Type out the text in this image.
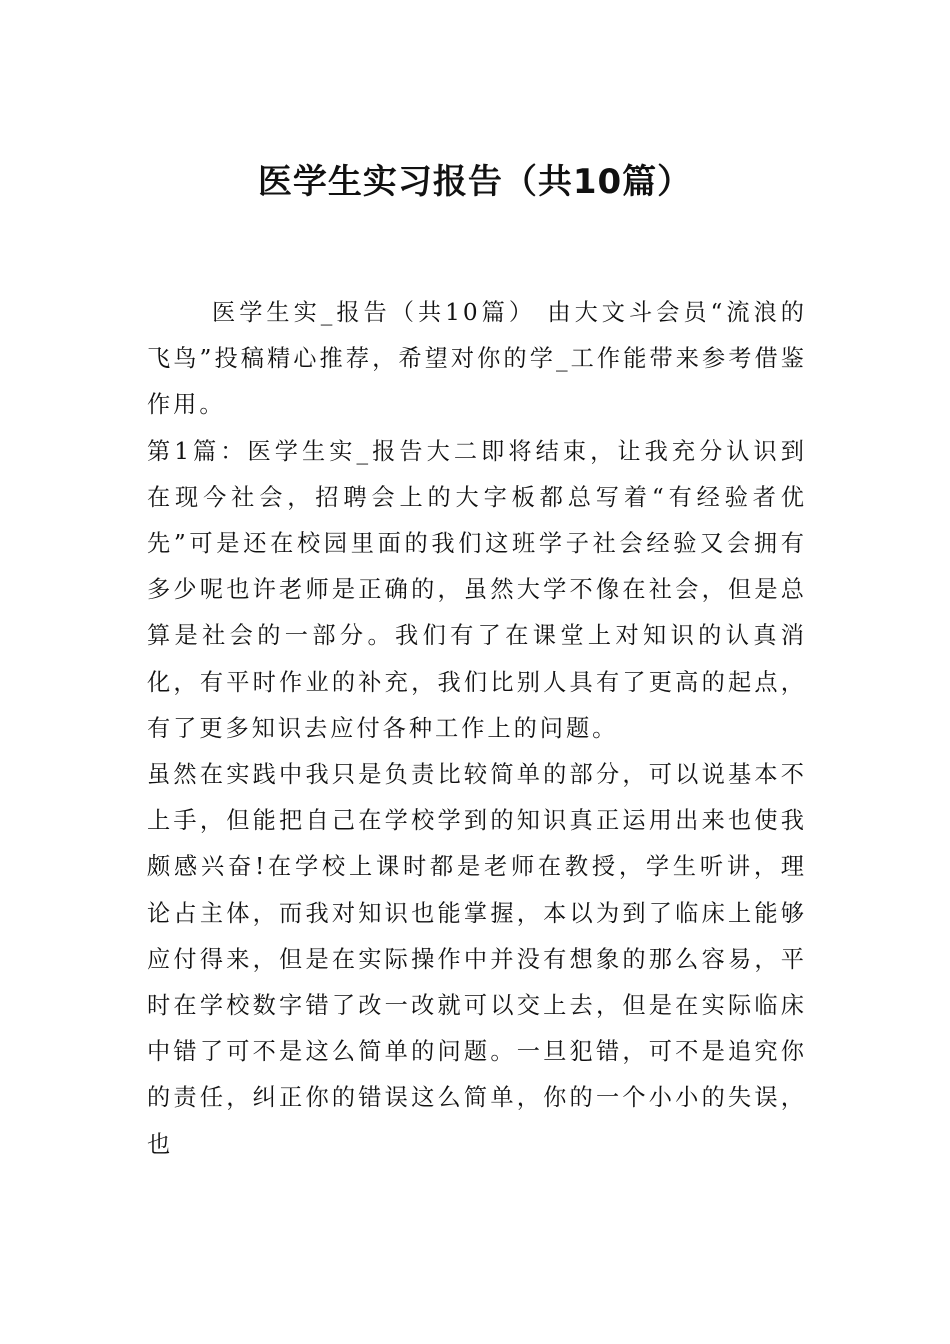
医学生实习报告（共10篇）

医学生实_报告（共10篇） 由大文斗会员“流浪的飞鸟”投稿精心推荐，希望对你的学_工作能带来参考借鉴作用。

第1篇：医学生实_报告大二即将结束，让我充分认识到在现今社会，招聘会上的大字板都总写着“有经验者优先”可是还在校园里面的我们这班学子社会经验又会拥有多少呢也许老师是正确的，虽然大学不像在社会，但是总算是社会的一部分。我们有了在课堂上对知识的认真消化，有平时作业的补充，我们比别人具有了更高的起点，有了更多知识去应付各种工作上的问题。

虽然在实践中我只是负责比较简单的部分，可以说基本不上手，但能把自己在学校学到的知识真正运用出来也使我颇感兴奋!在学校上课时都是老师在教授，学生听讲，理论占主体，而我对知识也能掌握，本以为到了临床上能够应付得来，但是在实际操作中并没有想象的那么容易，平时在学校数字错了改一改就可以交上去，但是在实际临床中错了可不是这么简单的问题。一旦犯错，可不是追究你的责任，纠正你的错误这么简单，你的一个小小的失误，也
